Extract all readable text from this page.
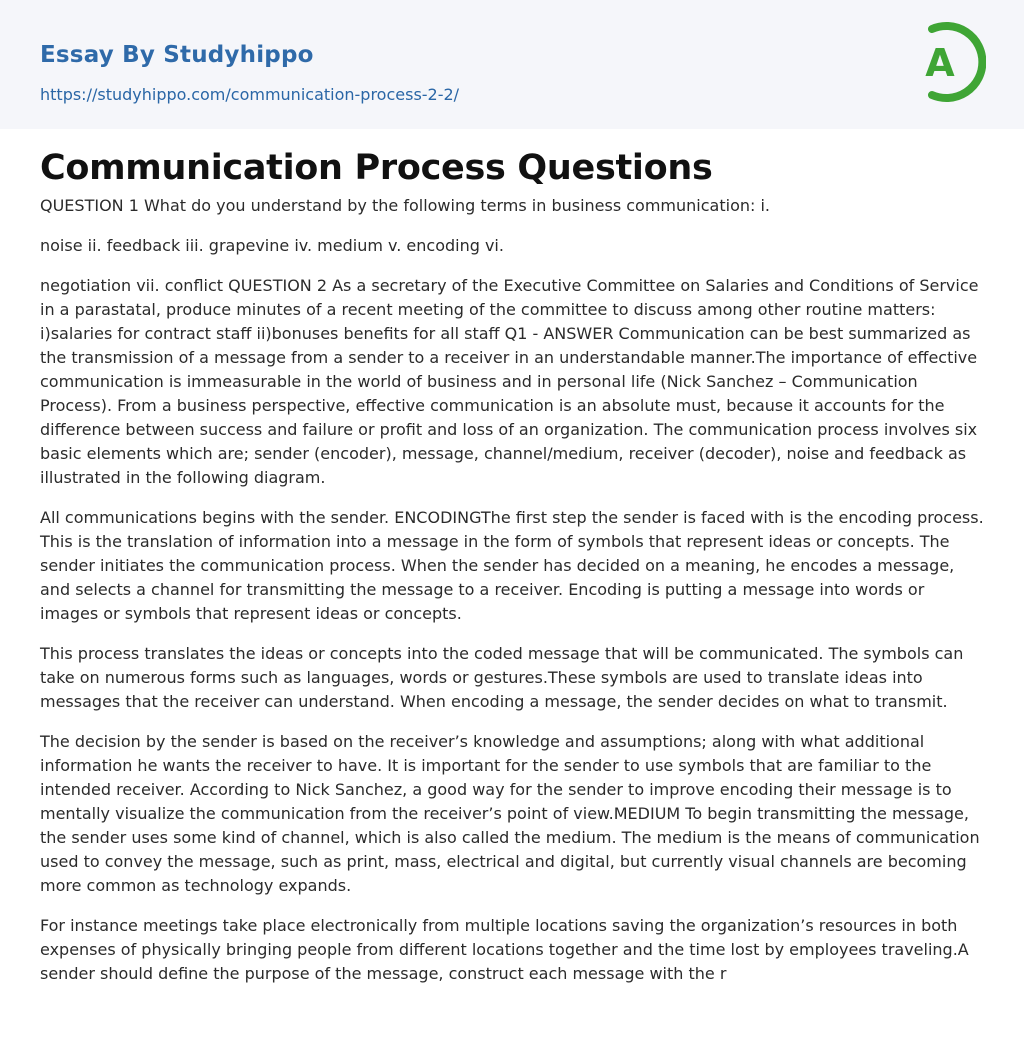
Essay By Studyhippo
https://studyhippo.com/communication-process-2-2/
A
Communication Process Questions

QUESTION 1 What do you understand by the following terms in business communication: i.

noise ii. feedback iii. grapevine iv. medium v. encoding vi.

negotiation vii. conflict QUESTION 2 As a secretary of the Executive Committee on Salaries and Conditions of Service in a parastatal, produce minutes of a recent meeting of the committee to discuss among other routine matters: i)salaries for contract staff ii)bonuses benefits for all staff Q1 - ANSWER Communication can be best summarized as the transmission of a message from a sender to a receiver in an understandable manner.The importance of effective communication is immeasurable in the world of business and in personal life (Nick Sanchez – Communication Process). From a business perspective, effective communication is an absolute must, because it accounts for the difference between success and failure or profit and loss of an organization. The communication process involves six basic elements which are; sender (encoder), message, channel/medium, receiver (decoder), noise and feedback as illustrated in the following diagram.

All communications begins with the sender. ENCODINGThe first step the sender is faced with is the encoding process. This is the translation of information into a message in the form of symbols that represent ideas or concepts. The sender initiates the communication process. When the sender has decided on a meaning, he encodes a message, and selects a channel for transmitting the message to a receiver. Encoding is putting a message into words or images or symbols that represent ideas or concepts.

This process translates the ideas or concepts into the coded message that will be communicated. The symbols can take on numerous forms such as languages, words or gestures.These symbols are used to translate ideas into messages that the receiver can understand. When encoding a message, the sender decides on what to transmit.

The decision by the sender is based on the receiver’s knowledge and assumptions; along with what additional information he wants the receiver to have. It is important for the sender to use symbols that are familiar to the intended receiver. According to Nick Sanchez, a good way for the sender to improve encoding their message is to mentally visualize the communication from the receiver’s point of view.MEDIUM To begin transmitting the message, the sender uses some kind of channel, which is also called the medium. The medium is the means of communication used to convey the message, such as print, mass, electrical and digital, but currently visual channels are becoming more common as technology expands.

For instance meetings take place electronically from multiple locations saving the organization’s resources in both expenses of physically bringing people from different locations together and the time lost by employees traveling.A sender should define the purpose of the message, construct each message with the r
